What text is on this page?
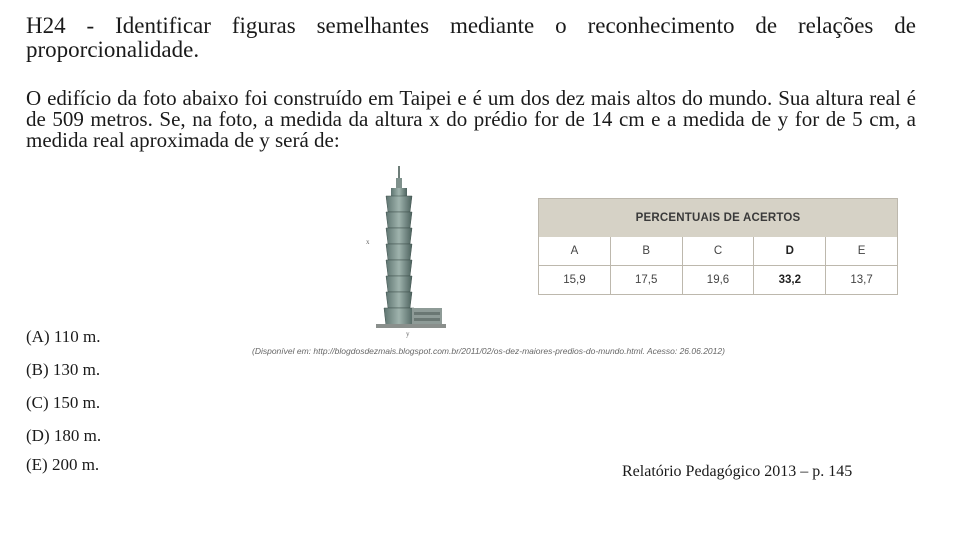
H24 - Identificar figuras semelhantes mediante o reconhecimento de relações de proporcionalidade.
O edifício da foto abaixo foi construído em Taipei e é um dos dez mais altos do mundo. Sua altura real é de 509 metros. Se, na foto, a medida da altura x do prédio for de 14 cm e a medida de y for de 5 cm, a medida real aproximada de y será de:
x
y
(Disponível em: http://blogdosdezmais.blogspot.com.br/2011/02/os-dez-maiores-predios-do-mundo.html. Acesso: 26.06.2012)
PERCENTUAIS DE ACERTOS
A	B	C	D	E
15,9	17,5	19,6	33,2	13,7
(A) 110 m.
(B) 130 m.
(C) 150 m.
(D) 180 m.
(E) 200 m.	Relatório Pedagógico 2013 – p. 145
